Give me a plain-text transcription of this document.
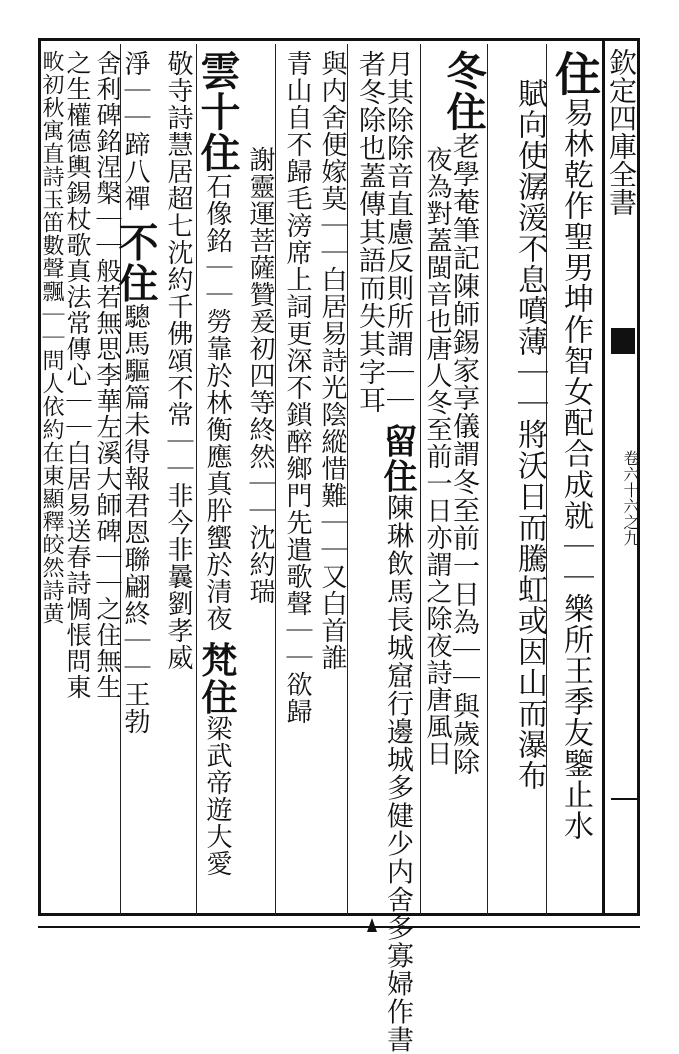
欽定四庫全書
卷六十六之九
住易林乾作聖男坤作智女配合成就｜｜樂所王季友鑒止水
賦向使潺湲不息噴薄｜｜將沃日而騰虹或因山而瀑布
冬住老學菴筆記陳師錫家享儀謂冬至前一日為｜｜與歲除
夜為對蓋閩音也唐人冬至前一日亦謂之除夜詩唐風日
月其除除音直慮反則所謂｜｜ 留住陳琳飲馬長城窟行邊城多健少内舍多寡婦作書
者冬除也蓋傳其語而失其字耳
與内舍便嫁莫｜｜白居易詩光陰縱惜難｜｜又白首誰
青山自不歸毛滂席上詞更深不鎖醉鄉門先遣歌聲｜｜欲歸
謝靈運菩薩贊爰初四等終然｜｜沈約瑞
雲十住石像銘｜｜勞靠於林衡應真肸蠁於清夜 梵住梁武帝遊大愛
敬寺詩慧居超七沈約千佛頌不常｜｜非今非曩劉孝威
淨｜｜蹄八禪 不住驄馬驅篇未得報君恩聯翩終｜｜王勃
舍利碑銘涅槃｜｜般若無思李華左溪大師碑｜｜之住無生
之生權德輿錫杖歌真法常傳心｜｜白居易送春詩惆悵問東
畋初秋寓直詩玉笛數聲飄｜｜問人依約在東顯釋皎然詩黄
